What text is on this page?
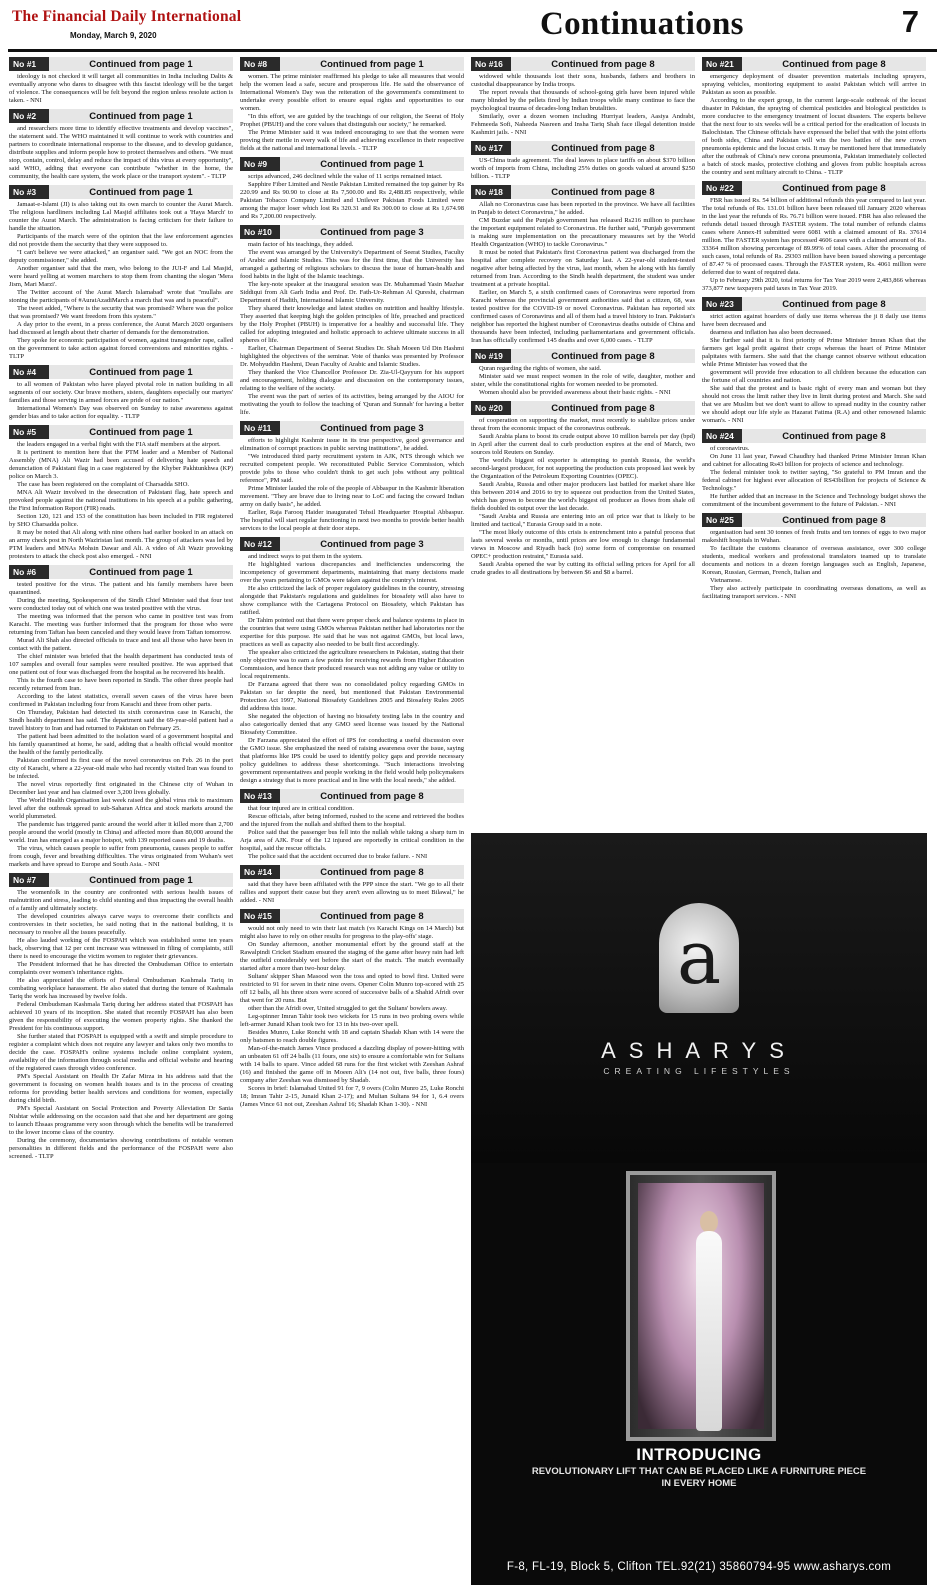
The Financial Daily International
Monday, March 9, 2020	Continuations	7
No #1	Continued from page 1

ideology is not checked it will target all communities in India including Dalits & eventually anyone who dares to disagree with this fascist ideology will be the target of violence. The consequences will be felt beyond the region unless resolute action is taken. - NNI

No #2	Continued from page 1

and researchers more time to identify effective treatments and develop vaccines", the statement said. The WHO maintained it will continue to work with countries and partners to coordinate international response to the disease, and to develop guidance, distribute supplies and inform people how to protect themselves and others. "We must stop, contain, control, delay and reduce the impact of this virus at every opportunity", said WHO, adding that everyone can contribute "whether in the home, the community, the health care system, the work place or the transport system". - TLTP

No #3	Continued from page 1

Jamaat-e-Islami (JI) is also taking out its own march to counter the Aurat March. The religious hardliners including Lal Masjid affiliates took out a 'Haya March' to counter the Aurat March. The administration is facing criticism for their failure to handle the situation.

Participants of the march were of the opinion that the law enforcement agencies did not provide them the security that they were supposed to.

"I can't believe we were attacked," an organiser said. "We got an NOC from the deputy commissioner," she added.

Another organiser said that the men, who belong to the JUI-F and Lal Masjid, were heard yelling at women marchers to stop them from chanting the slogan 'Mera Jism, Mari Marzi'.

The Twitter account of 'the Aurat March Islamabad' wrote that "mullahs are stoning the participants of #AuratAzadiMarch a march that was and is peaceful".

The tweet added, "Where is the security that was promised? Where was the police that was promised? We want freedom from this system."

A day prior to the event, in a press conference, the Aurat March 2020 organisers had discussed at length about their charter of demands for the demonstration.

They spoke for economic participation of women, against transgender rape, called on the government to take action against forced conversions and minorities rights. - TLTP

No #4	Continued from page 1

to all women of Pakistan who have played pivotal role in nation building in all segments of our society. Our brave mothers, sisters, daughters especially our martyrs' families and those serving in armed forces are pride of our nation."

International Women's Day was observed on Sunday to raise awareness against gender bias and to take action for equality. - TLTP

No #5	Continued from page 1

the leaders engaged in a verbal fight with the FIA staff members at the airport.

It is pertinent to mention here that the PTM leader and a Member of National Assembly (MNA) Ali Wazir had been accused of delivering hate speech and denunciation of Pakistani flag in a case registered by the Khyber Pakhtunkhwa (KP) police on March 3.

The case has been registered on the complaint of Charsadda SHO.

MNA Ali Wazir involved in the desecration of Pakistani flag, hate speech and provoked people against the national institutions in his speech at a public gathering, the First Information Report (FIR) reads.

Section 120, 121 and 153 of the constitution has been included in FIR registered by SHO Charsadda police.

It may be noted that Ali along with nine others had earlier booked in an attack on an army check post in North Waziristan last month. The group of attackers was led by PTM leaders and MNAs Mohsin Dawar and Ali. A video of Ali Wazir provoking protesters to attack the check post also emerged. - NNI

No #6	Continued from page 1

tested positive for the virus. The patient and his family members have been quarantined.

During the meeting, Spokesperson of the Sindh Chief Minister said that four test were conducted today out of which one was tested positive with the virus.

The meeting was informed that the person who came in positive test was from Karachi. The meeting was further informed that the program for those who were returning from Taftan has been canceled and they would leave from Taftan tomorrow.

Murad Ali Shah also directed officials to trace and test all those who have been in contact with the patient.

The chief minister was briefed that the health department has conducted tests of 107 samples and overall four samples were resulted positive. He was apprised that one patient out of four was discharged from the hospital as he recovered his health.

This is the fourth case to have been reported in Sindh. The other three people had recently returned from Iran.

According to the latest statistics, overall seven cases of the virus have been confirmed in Pakistan including four from Karachi and three from other parts.

On Thursday, Pakistan had detected its sixth coronavirus case in Karachi, the Sindh health department has said. The department said the 69-year-old patient had a travel history to Iran and had returned to Pakistan on February 25.

The patient had been admitted to the isolation ward of a government hospital and his family quarantined at home, he said, adding that a health official would monitor the health of the family periodically.

Pakistan confirmed its first case of the novel coronavirus on Feb. 26 in the port city of Karachi, where a 22-year-old male who had recently visited Iran was found to be infected.

The novel virus reportedly first originated in the Chinese city of Wuhan in December last year and has claimed over 3,200 lives globally.

The World Health Organisation last week raised the global virus risk to maximum level after the outbreak spread to sub-Saharan Africa and stock markets around the world plummeted.

The pandemic has triggered panic around the world after it killed more than 2,700 people around the world (mostly in China) and affected more than 80,000 around the world. Iran has emerged as a major hotspot, with 139 reported cases and 19 deaths.

The virus, which causes people to suffer from pneumonia, causes people to suffer from cough, fever and breathing difficulties. The virus originated from Wuhan's wet markets and have spread to Europe and South Asia. - NNI

No #7	Continued from page 1

The womenfolk in the country are confronted with serious health issues of malnutrition and stress, leading to child stunting and thus impacting the overall health of a family and ultimately society.

The developed countries always carve ways to overcome their conflicts and controversies in their societies, he said noting that in the national building, it is necessary to resolve all the issues peacefully.

He also lauded working of the FOSPAH which was established some ten years back, observing that 12 per cent increase was witnessed in filing of complaints, still there is need to encourage the victim women to register their grievances.

The President informed that he has directed the Ombudsman Office to entertain complaints over women's inheritance rights.

He also appreciated the efforts of Federal Ombudsman Kashmala Tariq in combating workplace harassment. He also stated that during the tenure of Kashmala Tariq the work has increased by twelve folds.

Federal Ombudsman Kashmala Tariq during her address stated that FOSPAH has achieved 10 years of its inception. She stated that recently FOSPAH has also been given the responsibility of executing the women property rights. She thanked the President for his continuous support.

She further stated that FOSPAH is equipped with a swift and simple procedure to register a complaint which does not require any lawyer and takes only two months to decide the case. FOSPAH's online systems include online complaint system, availability of the information through social media and official website and hearing of the registered cases through video conference.

PM's Special Assistant on Health Dr Zafar Mirza in his address said that the government is focusing on women health issues and is in the process of creating reforms for providing better health services and conditions for women, especially during child birth.

PM's Special Assistant on Social Protection and Poverty Alleviation Dr Sania Nishtar while addressing on the occasion said that she and her department are going to launch Ehsaas programme very soon through which the benefits will be transferred to the lower income class of the country.

During the ceremony, documentaries showing contributions of notable women personalities in different fields and the performance of the FOSPAH were also screened. - TLTP

No #8	Continued from page 1

women. The prime minister reaffirmed his pledge to take all measures that would help the women lead a safe, secure and prosperous life. He said the observance of International Women's Day was the reiteration of the government's commitment to undertake every possible effort to ensure equal rights and opportunities to our women.

"In this effort, we are guided by the teachings of our religion, the Seerat of Holy Prophet (PBUH) and the core values that distinguish our society," he remarked.

The Prime Minister said it was indeed encouraging to see that the women were proving their mettle in every walk of life and achieving excellence in their respective fields at the national and international levels. - TLTP

No #9	Continued from page 1

scrips advanced, 246 declined while the value of 11 scrips remained intact.

Sapphire Fiber Limited and Nestle Pakistan Limited remained the top gainer by Rs 220.99 and Rs 90.90 to close at Rs 7,500.00 and Rs 2,488.85 respectively, while Pakistan Tobacco Company Limited and Unilever Pakistan Foods Limited were among the major loser which lost Rs 320.31 and Rs 300.00 to close at Rs 1,674.98 and Rs 7,200.00 respectively.

No #10	Continued from page 3

main factor of his teachings, they added.

The event was arranged by the University's Department of Seerat Studies, Faculty of Arabic and Islamic Studies. This was for the first time, that the University has arranged a gathering of religious scholars to discuss the issue of human-health and food habits in the light of the Islamic teachings.

The key-note speaker at the inaugural session was Dr. Muhammad Yasin Mazhar Siddiqui from Ali Garh India and Prof. Dr. Fath-Ur-Rehman Al Qureshi, chairman Department of Hadith, International Islamic University.

They shared their knowledge and latest studies on nutrition and healthy lifestyle. They asserted that keeping high the golden principles of life, preached and practiced by the Holy Prophet (PBUH) is imperative for a healthy and successful life. They called for adopting integrated and holistic approach to achieve ultimate success in all spheres of life.

Earlier, Chairman Department of Seerat Studies Dr. Shah Moeen Ud Din Hashmi highlighted the objectives of the seminar. Vote of thanks was presented by Professor Dr. Mohyuddin Hashmi, Dean Faculty of Arabic and Islamic Studies.

They thanked the Vice Chancellor Professor Dr. Zia-Ul-Qayyum for his support and encouragement, holding dialogue and discussion on the contemporary issues, relating to the welfare of the society.

The event was the part of series of its activities, being arranged by the AIOU for motivating the youth to follow the teaching of 'Quran and Sunnah' for having a better life.

No #11	Continued from page 3

efforts to highlight Kashmir issue in its true perspective, good governance and elimination of corrupt practices in public serving institutions", he added.

"We introduced third party recruitment system in AJK, NTS through which we recruited competent people. We reconstituted Public Service Commission, which provide jobs to those who couldn't think to get such jobs without any political reference", PM said.

Prime Minister lauded the role of the people of Abbaspur in the Kashmir liberation movement. "They are brave due to living near to LoC and facing the coward Indian army on daily basis", he added.

Earlier, Raja Farooq Haider inaugurated Tehsil Headquarter Hospital Abbaspur. The hospital will start regular functioning in next two months to provide better health services to the local people at their door steps.

No #12	Continued from page 3

and indirect ways to put them in the system.

He highlighted various discrepancies and inefficiencies underscoring the incompetency of government departments, maintaining that many decisions made over the years pertaining to GMOs were taken against the country's interest.

He also criticized the lack of proper regulatory guidelines in the country, stressing alongside that Pakistan's regulations and guidelines for biosafety will also have to show compliance with the Cartagena Protocol on Biosafety, which Pakistan has ratified.

Dr Tahim pointed out that there were proper check and balance systems in place in the countries that were using GMOs whereas Pakistan neither had laboratories nor the expertise for this purpose. He said that he was not against GMOs, but local laws, practices as well as capacity also needed to be built first accordingly.

The speaker also criticized the agriculture researchers in Pakistan, stating that their only objective was to earn a few points for receiving rewards from Higher Education Commission, and hence their produced research was not adding any value or utility to local requirements.

Dr Farzana agreed that there was no consolidated policy regarding GMOs in Pakistan so far despite the need, but mentioned that Pakistan Environmental Protection Act 1997, National Biosafety Guidelines 2005 and Biosafety Rules 2005 did address this issue.

She negated the objection of having no biosafety testing labs in the country and also categorically denied that any GMO seed license was issued by the National Biosafety Committee.

Dr Farzana appreciated the effort of IPS for conducting a useful discussion over the GMO issue. She emphasized the need of raising awareness over the issue, saying that platforms like IPS could be used to identify policy gaps and provide necessary policy guidelines to address these shortcomings. "Such interactions involving government representatives and people working in the field would help policymakers design a strategy that is more practical and in line with the local needs," she added.

No #13	Continued from page 8

that four injured are in critical condition.

Rescue officials, after being informed, rushed to the scene and retrieved the bodies and the injured from the nullah and shifted them to the hospital.

Police said that the passenger bus fell into the nullah while taking a sharp turn in Arja area of AJK. Four of the 12 injured are reportedly in critical condition in the hospital, said the rescue officials.

The police said that the accident occurred due to brake failure. - NNI

No #14	Continued from page 8

said that they have been affiliated with the PPP since the start. "We go to all their rallies and support their cause but they aren't even allowing us to meet Bilawal," he added. - NNI

No #15	Continued from page 8

would not only need to win their last match (vs Karachi Kings on 14 March) but might also have to rely on other results for progress to the play-offs' stage.

On Sunday afternoon, another monumental effort by the ground staff at the Rawalpindi Cricket Stadium ensured the staging of the game after heavy rain had left the outfield considerably wet before the start of the match. The match eventually started after a more than two-hour delay.

Sultans' skipper Shan Masood won the toss and opted to bowl first. United were restricted to 91 for seven in their nine overs. Opener Colin Munro top-scored with 25 off 12 balls, all his three sixes were scored of successive balls of a Shahid Afridi over that went for 20 runs. But

other than the Afridi over, United struggled to get the Sultans' bowlers away.

Leg-spinner Imran Tahir took two wickets for 15 runs in two probing overs while left-armer Junaid Khan took two for 13 in his two-over spell.

Besides Munro, Luke Ronchi with 18 and captain Shadab Khan with 14 were the only batsmen to reach double figures.

Man-of-the-match James Vince produced a dazzling display of power-hitting with an unbeaten 61 off 24 balls (11 fours, one six) to ensure a comfortable win for Sultans with 14 balls to spare. Vince added 68 runs for the first wicket with Zeeshan Ashraf (16) and finished the game off in Moeen Ali's (14 not out, five balls, three fours) company after Zeeshan was dismissed by Shadab.

Scores in brief: Islamabad United 91 for 7, 9 overs (Colin Munro 25, Luke Ronchi 18; Imran Tahir 2-15, Junaid Khan 2-17); and Multan Sultans 94 for 1, 6.4 overs (James Vince 61 not out, Zeeshan Ashraf 16; Shadab Khan 1-30). - NNI

No #16	Continued from page 8

widowed while thousands lost their sons, husbands, fathers and brothers in custodial disappearance by India troops.

The report reveals that thousands of school-going girls have been injured while many blinded by the pellets fired by Indian troops while many continue to face the psychological trauma of decades-long Indian brutalities.

Similarly, over a dozen women including Hurriyat leaders, Aasiya Andrabi, Fehmeeda Sofi, Naheeda Nasreen and Insha Tariq Shah face illegal detention inside Kashmiri jails. - NNI

No #17	Continued from page 8

US-China trade agreement. The deal leaves in place tariffs on about $370 billion worth of imports from China, including 25% duties on goods valued at around $250 billion. - TLTP

No #18	Continued from page 8

Allah no Coronavirus case has been reported in the province. We have all facilities in Punjab to detect Coronavirus," he added.

CM Buzdar said the Punjab government has released Rs216 million to purchase the important equipment related to Coronavirus. He further said, "Punjab government is making sure implementation on the precautionary measures set by the World Health Organization (WHO) to tackle Coronavirus."

It must be noted that Pakistan's first Coronavirus patient was discharged from the hospital after complete recovery on Saturday last. A 22-year-old student-tested negative after being affected by the virus, last month, when he along with his family returned from Iran. According to the Sindh health department, the student was under treatment at a private hospital.

Earlier, on March 5, a sixth confirmed cases of Coronavirus were reported from Karachi whereas the provincial government authorities said that a citizen, 68, was tested positive for the COVID-19 or novel Coronavirus. Pakistan has reported six confirmed cases of Coronavirus and all of them had a travel history to Iran. Pakistan's neighbor has reported the highest number of Coronavirus deaths outside of China and thousands have been infected, including parliamentarians and government officials. Iran has officially confirmed 145 deaths and over 6,000 cases. - TLTP

No #19	Continued from page 8

Quran regarding the rights of women, she said.

Minister said we must respect women in the role of wife, daughter, mother and sister, while the constitutional rights for women needed to be promoted.

Women should also be provided awareness about their basic rights. - NNI

No #20	Continued from page 8

of cooperation on supporting the market, most recently to stabilize prices under threat from the economic impact of the coronavirus outbreak.

Saudi Arabia plans to boost its crude output above 10 million barrels per day (bpd) in April after the current deal to curb production expires at the end of March, two sources told Reuters on Sunday.

The world's biggest oil exporter is attempting to punish Russia, the world's second-largest producer, for not supporting the production cuts proposed last week by the Organization of the Petroleum Exporting Countries (OPEC).

Saudi Arabia, Russia and other major producers last battled for market share like this between 2014 and 2016 to try to squeeze out production from the United States, which has grown to become the world's biggest oil producer as flows from shale oil fields doubled its output over the last decade.

"Saudi Arabia and Russia are entering into an oil price war that is likely to be limited and tactical," Eurasia Group said in a note.

"The most likely outcome of this crisis is entrenchment into a painful process that lasts several weeks or months, until prices are low enough to change fundamental views in Moscow and Riyadh back (to) some form of compromise on resumed OPEC+ production restraint," Eurasia said.

Saudi Arabia opened the war by cutting its official selling prices for April for all crude grades to all destinations by between $6 and $8 a barrel.

No #21	Continued from page 8

emergency deployment of disaster prevention materials including sprayers, spraying vehicles, monitoring equipment to assist Pakistan which will arrive in Pakistan as soon as possible.

According to the expert group, in the current large-scale outbreak of the locust disaster in Pakistan, the spraying of chemical pesticides and biological pesticides is more conducive to the emergency treatment of locust disasters. The experts believe that the next four to six weeks will be a critical period for the eradication of locusts in Balochistan. The Chinese officials have expressed the belief that with the joint efforts of both sides, China and Pakistan will win the two battles of the new crown pneumonia epidemic and the locust crisis. It may be mentioned here that immediately after the outbreak of China's new corona pneumonia, Pakistan immediately collected a batch of stock masks, protective clothing and gloves from public hospitals across the country and sent military aircraft to China. - TLTP

No #22	Continued from page 8

FBR has issued Rs. 54 billion of additional refunds this year compared to last year. The total refunds of Rs. 131.01 billion have been released till January 2020 whereas in the last year the refunds of Rs. 76.71 billion were issued. FBR has also released the refunds detail issued through FASTER system. The total number of refunds claims cases where Annex-H submitted were 6081 with a claimed amount of Rs. 37614 million. The FASTER system has processed 4606 cases with a claimed amount of Rs. 33364 million showing percentage of 89.99% of total cases. After the processing of such cases, total refunds of Rs. 29303 million have been issued showing a percentage of 87.47 % of processed cases. Through the FASTER system, Rs. 4061 million were deferred due to want of required data.

Up to February 29th 2020, total returns for Tax Year 2019 were 2,483,866 whereas 373,877 new taxpayers paid taxes in Tax Year 2019.

No #23	Continued from page 8

strict action against hoarders of daily use items whereas the ji 8 daily use items have been decreased and

dearness and inflation has also been decreased.

She further said that it is first priority of Prime Minister Imran Khan that the farmers get legal profit against their crops whereas the heart of Prime Minister palpitates with farmers. She said that the change cannot observe without education while Prime Minister has vowed that the

government will provide free education to all children because the education can the fortune of all countries and nation.

She said that the protest and is basic right of every man and woman but they should not cross the limit rather they live in limit during protest and March. She said that we are Muslim but we don't want to allow to spread nudity in the country rather we should adopt our life style as Hazarat Fatima (R.A) and other renowned Islamic woman's. - NNI

No #24	Continued from page 8

of coronavirus.

On June 11 last year, Fawad Chaudhry had thanked Prime Minister Imran Khan and cabinet for allocating Rs43 billion for projects of science and technology.

The federal minister took to twitter saying, "So grateful to PM Imran and the federal cabinet for highest ever allocation of RS43billion for projects of Science & Technology."

He further added that an increase in the Science and Technology budget shows the commitment of the incumbent government to the future of Pakistan. - NNI

No #25	Continued from page 8

organisation had sent 30 tonnes of fresh fruits and ten tonnes of eggs to two major makeshift hospitals in Wuhan.

To facilitate the customs clearance of overseas assistance, over 300 college students, medical workers and professional translators teamed up to translate documents and notices in a dozen foreign languages such as English, Japanese, Korean, Russian, German, French, Italian and

Vietnamese.

They also actively participate in coordinating overseas donations, as well as facilitating transport services. - NNI

a
ASHARYS
CREATING LIFESTYLES
INTRODUCING
REVOLUTIONARY LIFT THAT CAN BE PLACED LIKE A FURNITURE PIECE IN EVERY HOME
F-8, FL-19, Block 5, Clifton TEL.92(21) 35860794-95 www.asharys.com
